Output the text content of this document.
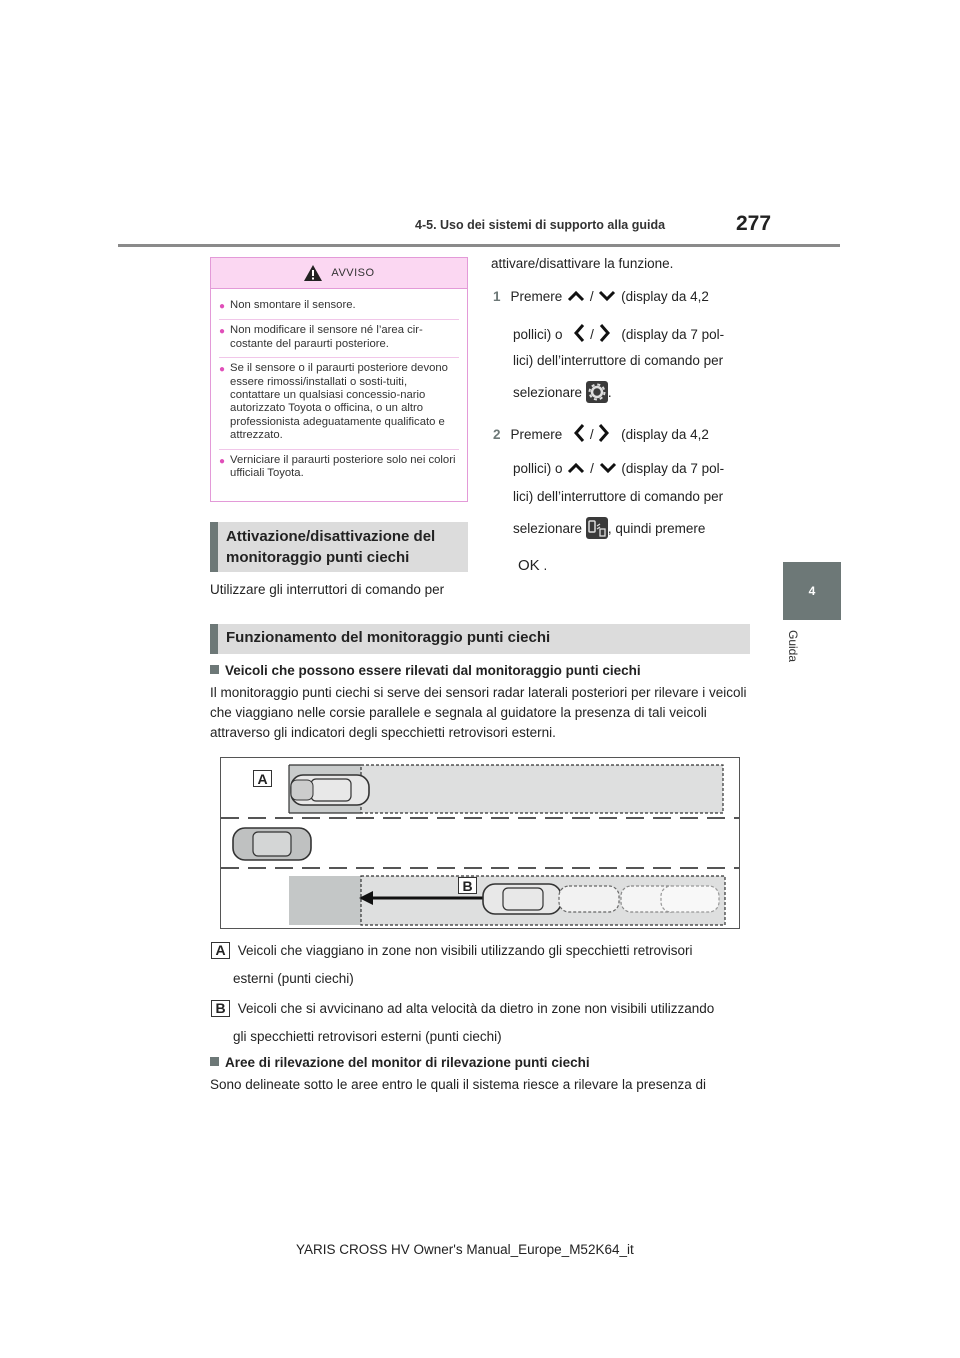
4-5. Uso dei sistemi di supporto alla guida	277
4
Guida
AVVISO
● Non smontare il sensore.
● Non modificare il sensore né l’area cir-costante del paraurti posteriore.
● Se il sensore o il paraurti posteriore devono essere rimossi/installati o sosti-tuiti, contattare un qualsiasi concessio-nario autorizzato Toyota o officina, o un altro professionista adeguatamente qualificato e attrezzato.
● Verniciare il paraurti posteriore solo nei colori ufficiali Toyota.
Attivazione/disattivazione del
monitoraggio punti ciechi
Utilizzare gli interruttori di comando per
attivare/disattivare la funzione.
1 Premere / (display da 4,2
pollici) o / (display da 7 pol-
lici) dell’interruttore di comando per
selezionare .
2 Premere / (display da 4,2
pollici) o / (display da 7 pol-
lici) dell’interruttore di comando per
selezionare , quindi premere
OK .
Funzionamento del monitoraggio punti ciechi
Veicoli che possono essere rilevati dal monitoraggio punti ciechi
Il monitoraggio punti ciechi si serve dei sensori radar laterali posteriori per rilevare i veicoli che viaggiano nelle corsie parallele e segnala al guidatore la presenza di tali veicoli attraverso gli indicatori degli specchietti retrovisori esterni.
A
B
A Veicoli che viaggiano in zone non visibili utilizzando gli specchietti retrovisori
esterni (punti ciechi)
B Veicoli che si avvicinano ad alta velocità da dietro in zone non visibili utilizzando
gli specchietti retrovisori esterni (punti ciechi)
Aree di rilevazione del monitor di rilevazione punti ciechi
Sono delineate sotto le aree entro le quali il sistema riesce a rilevare la presenza di
YARIS CROSS HV Owner's Manual_Europe_M52K64_it
